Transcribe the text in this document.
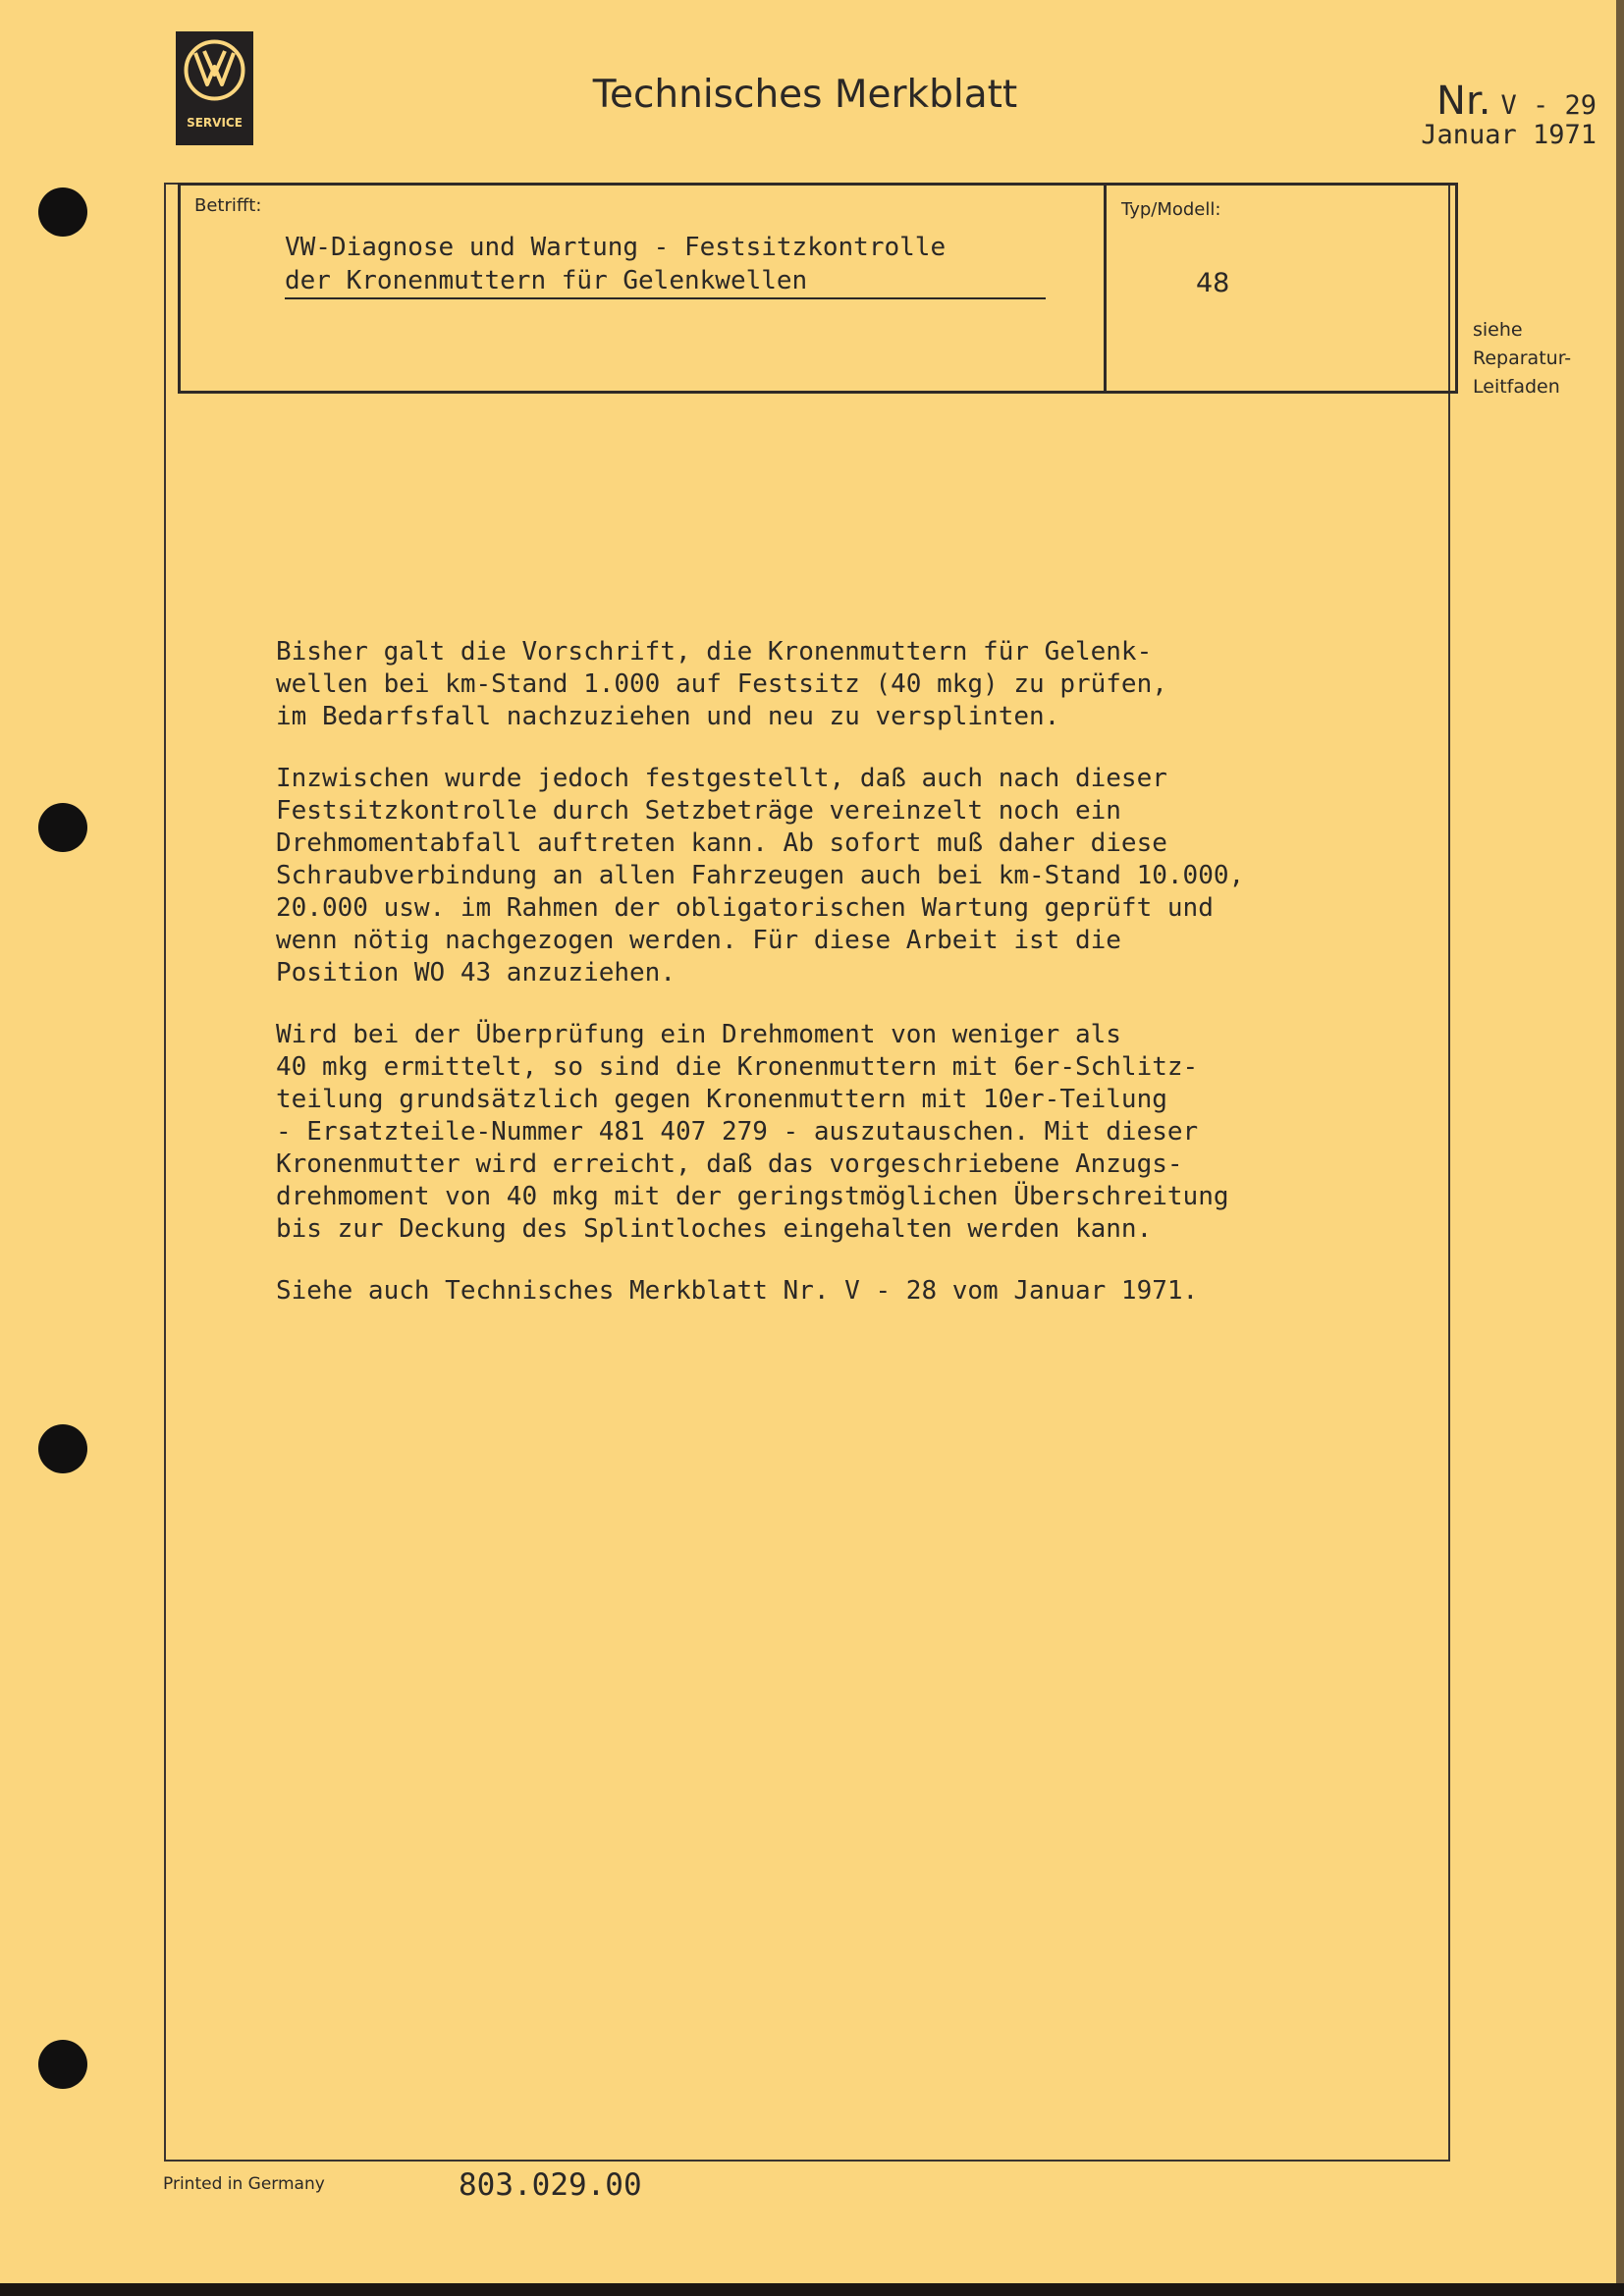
SERVICE
Technisches Merkblatt	Nr. V - 29
Januar 1971
Betrifft:
VW-Diagnose und Wartung - Festsitzkontrolle
der Kronenmuttern für Gelenkwellen
Typ/Modell:
48
siehe
Reparatur-
Leitfaden

Bisher galt die Vorschrift, die Kronenmuttern für Gelenk-
wellen bei km-Stand 1.000 auf Festsitz (40 mkg) zu prüfen,
im Bedarfsfall nachzuziehen und neu zu versplinten.

Inzwischen wurde jedoch festgestellt, daß auch nach dieser
Festsitzkontrolle durch Setzbeträge vereinzelt noch ein
Drehmomentabfall auftreten kann. Ab sofort muß daher diese
Schraubverbindung an allen Fahrzeugen auch bei km-Stand 10.000,
20.000 usw. im Rahmen der obligatorischen Wartung geprüft und
wenn nötig nachgezogen werden. Für diese Arbeit ist die
Position WO 43 anzuziehen.

Wird bei der Überprüfung ein Drehmoment von weniger als
40 mkg ermittelt, so sind die Kronenmuttern mit 6er-Schlitz-
teilung grundsätzlich gegen Kronenmuttern mit 10er-Teilung
- Ersatzteile-Nummer 481 407 279 - auszutauschen. Mit dieser
Kronenmutter wird erreicht, daß das vorgeschriebene Anzugs-
drehmoment von 40 mkg mit der geringstmöglichen Überschreitung
bis zur Deckung des Splintloches eingehalten werden kann.

Siehe auch Technisches Merkblatt Nr. V - 28 vom Januar 1971.

Printed in Germany	803.029.00
